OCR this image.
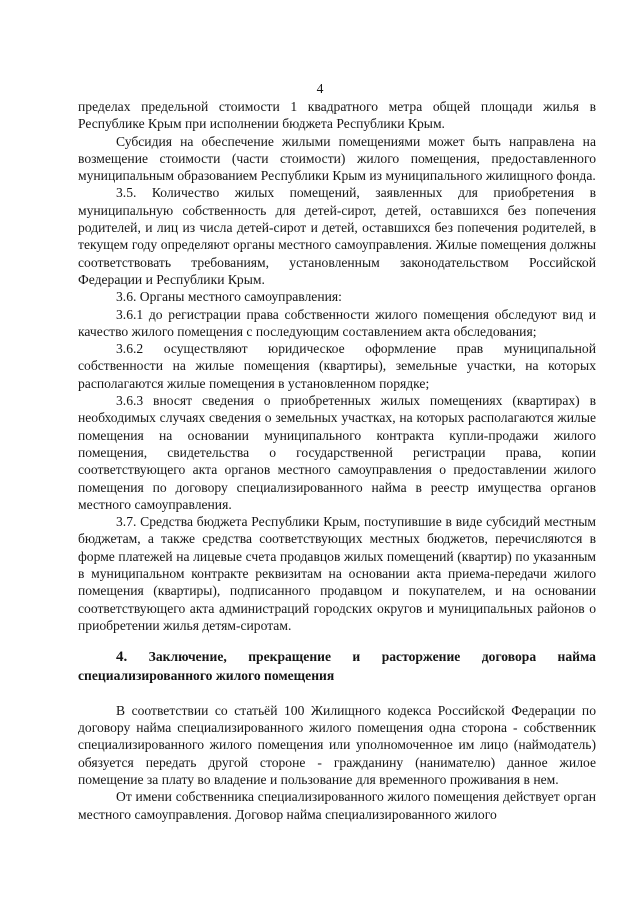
4

пределах предельной стоимости 1 квадратного метра общей площади жилья в Республике Крым при исполнении бюджета Республики Крым.

Субсидия на обеспечение жилыми помещениями может быть направлена на возмещение стоимости (части стоимости) жилого помещения, предоставленного муниципальным образованием Республики Крым из муниципального жилищного фонда.

3.5. Количество жилых помещений, заявленных для приобретения в муниципальную собственность для детей-сирот, детей, оставшихся без попечения родителей, и лиц из числа детей-сирот и детей, оставшихся без попечения родителей, в текущем году определяют органы местного самоуправления. Жилые помещения должны соответствовать требованиям, установленным законодательством Российской Федерации и Республики Крым.

3.6. Органы местного самоуправления:

3.6.1 до регистрации права собственности жилого помещения обследуют вид и качество жилого помещения с последующим составлением акта обследования;

3.6.2 осуществляют юридическое оформление прав муниципальной собственности на жилые помещения (квартиры), земельные участки, на которых располагаются жилые помещения в установленном порядке;

3.6.3 вносят сведения о приобретенных жилых помещениях (квартирах) в необходимых случаях сведения о земельных участках, на которых располагаются жилые помещения на основании муниципального контракта купли-продажи жилого помещения, свидетельства о государственной регистрации права, копии соответствующего акта органов местного самоуправления о предоставлении жилого помещения по договору специализированного найма в реестр имущества органов местного самоуправления.

3.7. Средства бюджета Республики Крым, поступившие в виде субсидий местным бюджетам, а также средства соответствующих местных бюджетов, перечисляются в форме платежей на лицевые счета продавцов жилых помещений (квартир) по указанным в муниципальном контракте реквизитам на основании акта приема-передачи жилого помещения (квартиры), подписанного продавцом и покупателем, и на основании соответствующего акта администраций городских округов и муниципальных районов о приобретении жилья детям-сиротам.

4. Заключение, прекращение и расторжение договора найма специализированного жилого помещения

В соответствии со статьёй 100 Жилищного кодекса Российской Федерации по договору найма специализированного жилого помещения одна сторона - собственник специализированного жилого помещения или уполномоченное им лицо (наймодатель) обязуется передать другой стороне - гражданину (нанимателю) данное жилое помещение за плату во владение и пользование для временного проживания в нем.

От имени собственника специализированного жилого помещения действует орган местного самоуправления. Договор найма специализированного жилого
